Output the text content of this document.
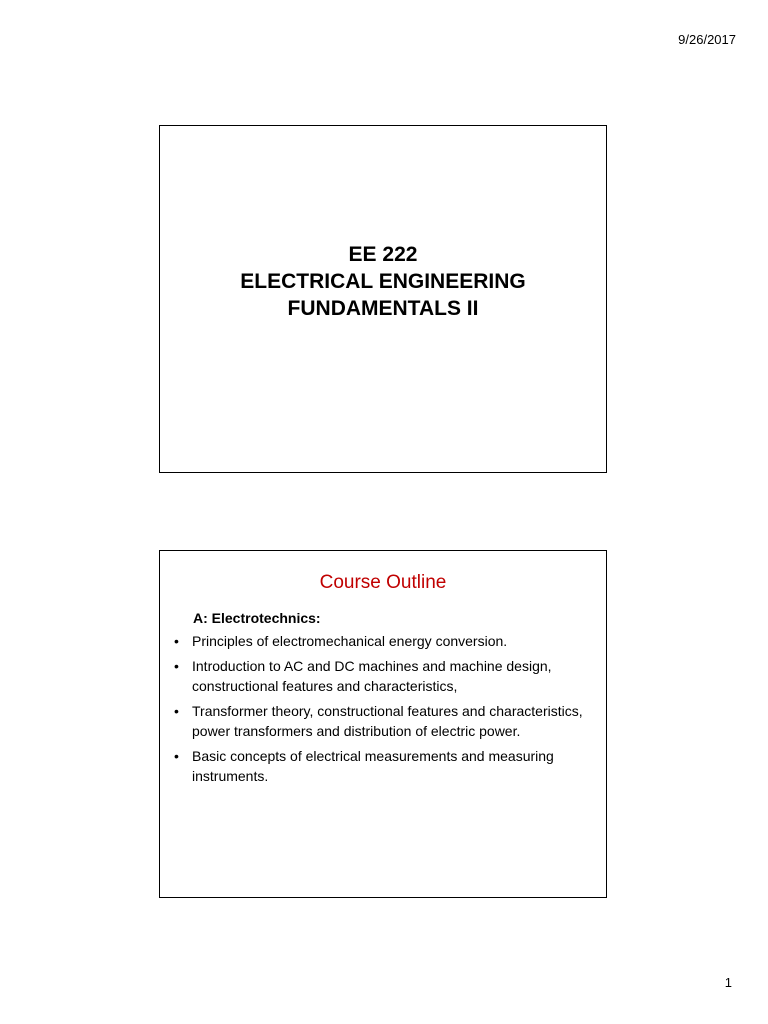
9/26/2017
EE 222
ELECTRICAL ENGINEERING
FUNDAMENTALS II
Course Outline
A: Electrotechnics:
• Principles of electromechanical energy conversion.
• Introduction to AC and DC machines and machine design, constructional features and characteristics,
• Transformer theory, constructional features and characteristics, power transformers and distribution of electric power.
• Basic concepts of electrical measurements and measuring instruments.
1
